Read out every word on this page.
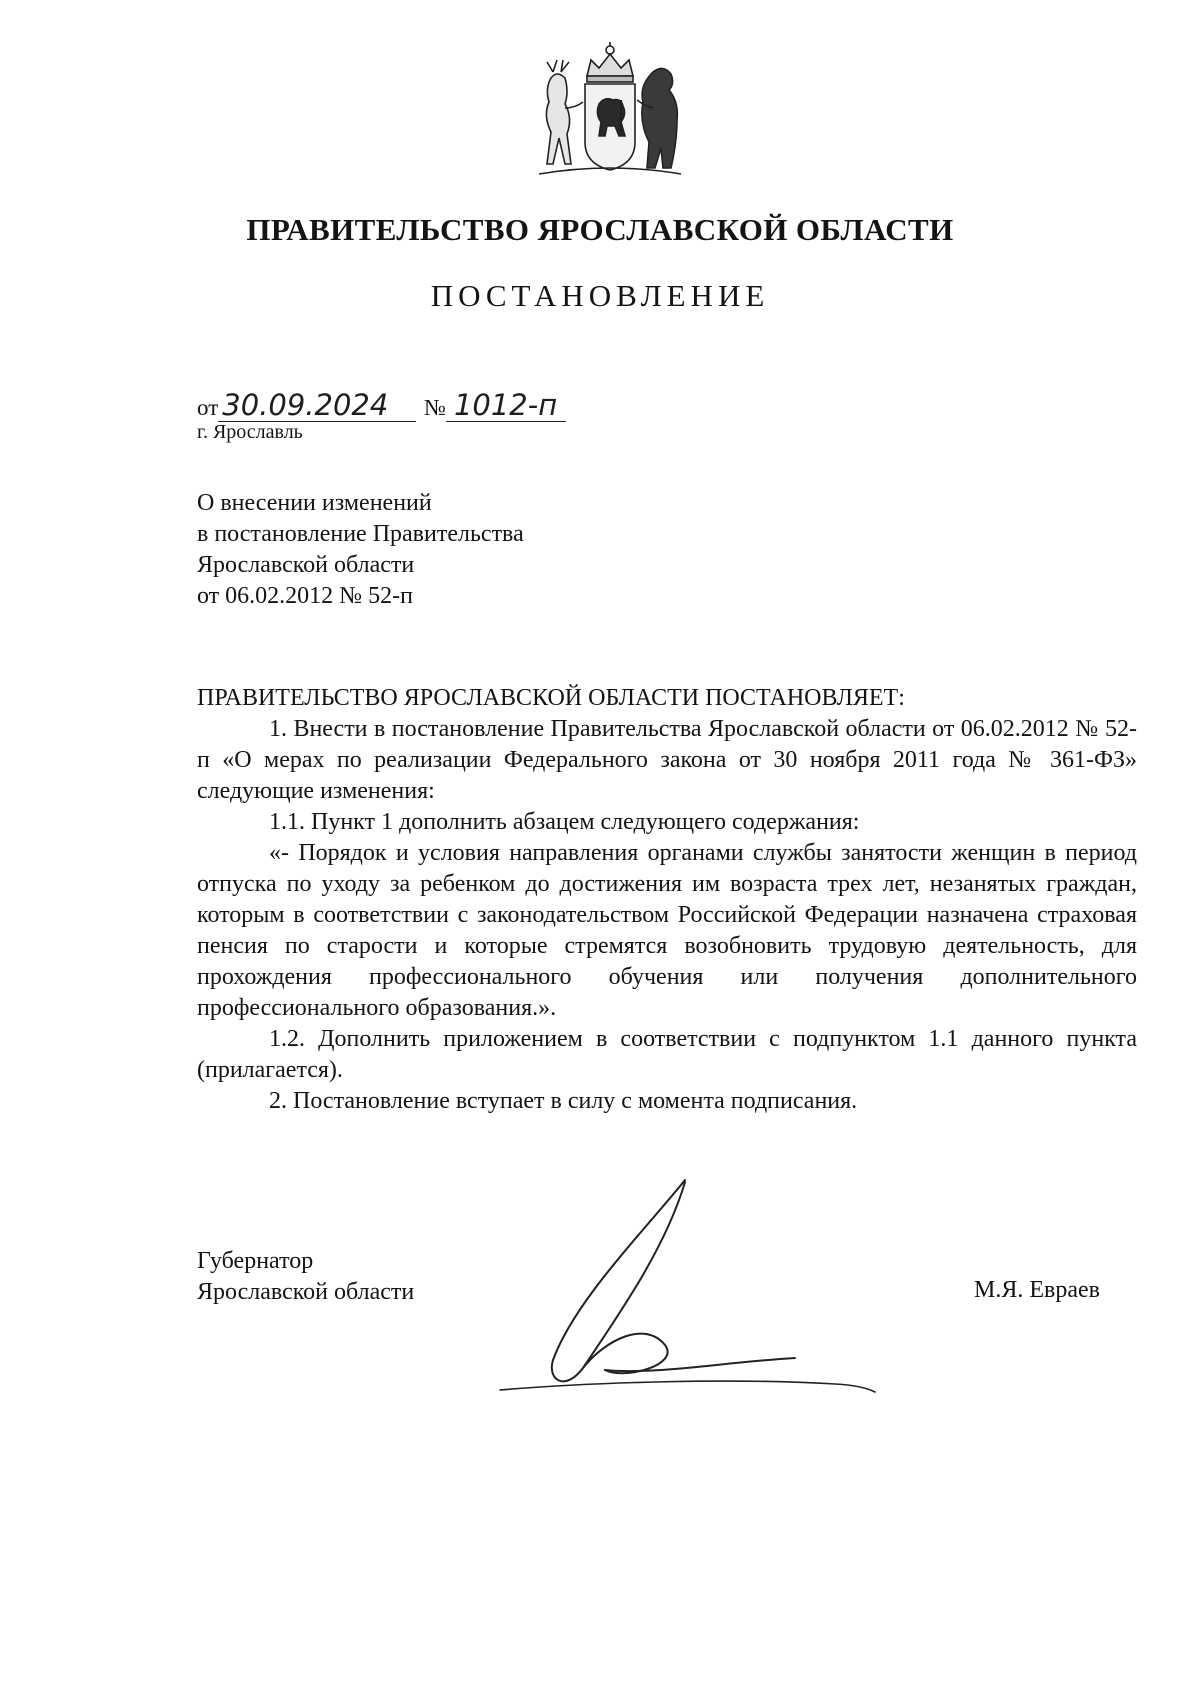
ПРАВИТЕЛЬСТВО ЯРОСЛАВСКОЙ ОБЛАСТИ
ПОСТАНОВЛЕНИЕ
от 30.09.2024 № 1012-п
г. Ярославль
О внесении изменений
в постановление Правительства
Ярославской области
от 06.02.2012 № 52-п

ПРАВИТЕЛЬСТВО ЯРОСЛАВСКОЙ ОБЛАСТИ ПОСТАНОВЛЯЕТ:

1. Внести в постановление Правительства Ярославской области от 06.02.2012 № 52-п «О мерах по реализации Федерального закона от 30 ноября 2011 года № 361-ФЗ» следующие изменения:

1.1. Пункт 1 дополнить абзацем следующего содержания:

«- Порядок и условия направления органами службы занятости женщин в период отпуска по уходу за ребенком до достижения им возраста трех лет, незанятых граждан, которым в соответствии с законодательством Российской Федерации назначена страховая пенсия по старости и которые стремятся возобновить трудовую деятельность, для прохождения профессионального обучения или получения дополнительного профессионального образования.».

1.2. Дополнить приложением в соответствии с подпунктом 1.1 данного пункта (прилагается).

2. Постановление вступает в силу с момента подписания.

Губернатор
Ярославской области	М.Я. Евраев
